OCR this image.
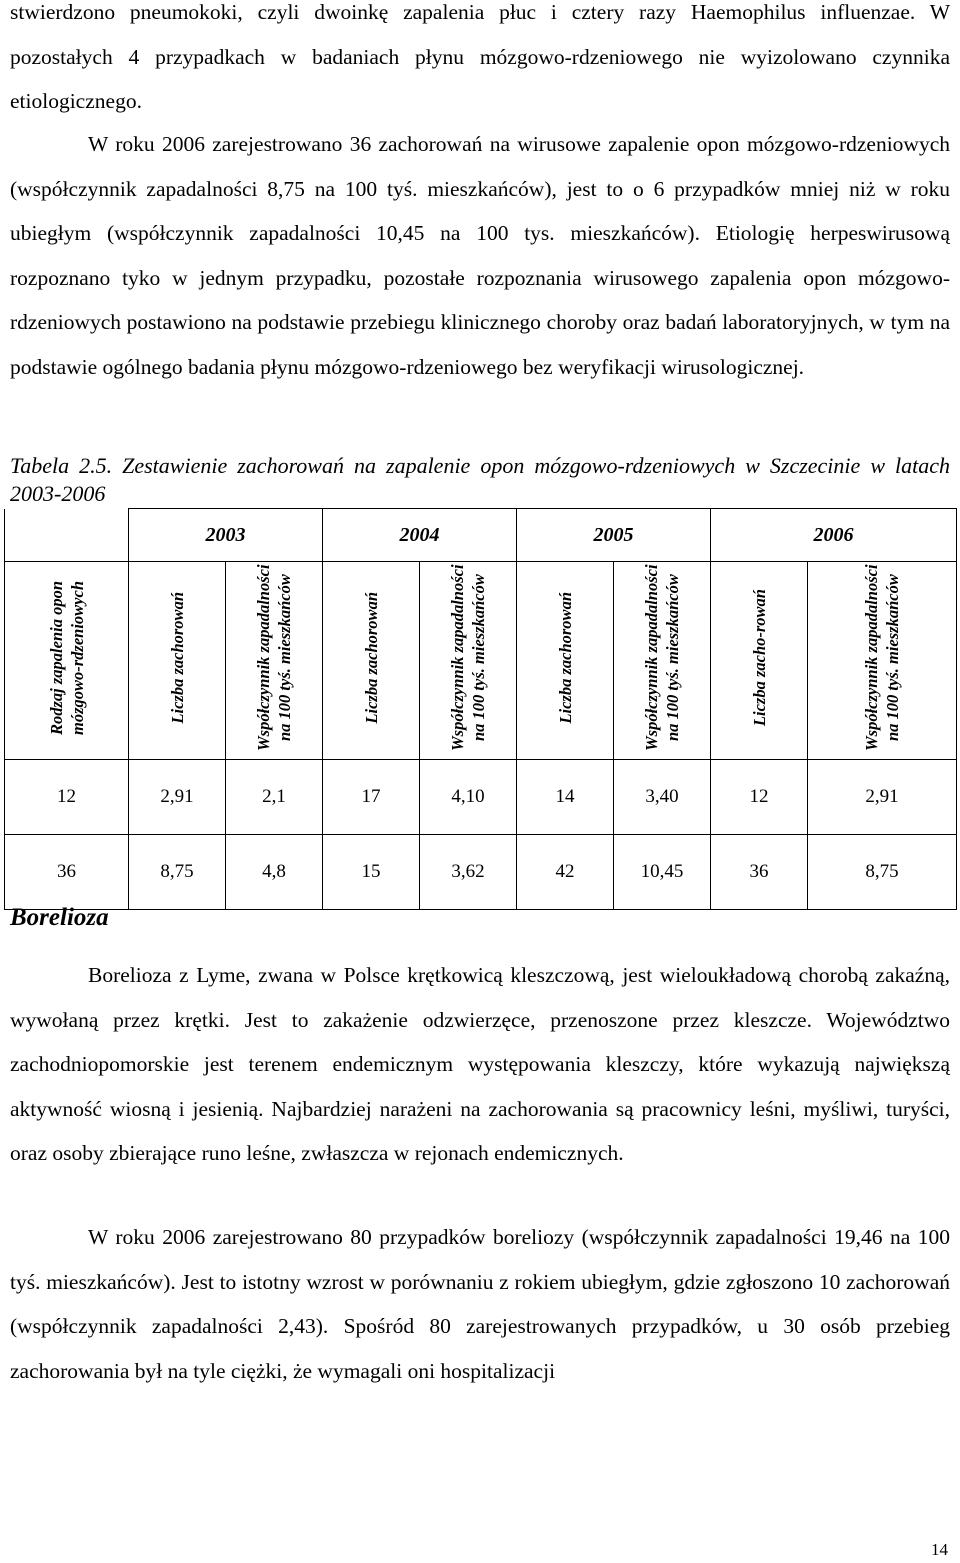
stwierdzono pneumokoki, czyli dwoinkę zapalenia płuc i cztery razy Haemophilus influenzae. W pozostałych 4 przypadkach w badaniach płynu mózgowo-rdzeniowego nie wyizolowano czynnika etiologicznego.

W roku 2006 zarejestrowano 36 zachorowań na wirusowe zapalenie opon mózgowo-rdzeniowych (współczynnik zapadalności 8,75 na 100 tyś. mieszkańców), jest to o 6 przypadków mniej niż w roku ubiegłym (współczynnik zapadalności 10,45 na 100 tys. mieszkańców). Etiologię herpeswirusową rozpoznano tyko w jednym przypadku, pozostałe rozpoznania wirusowego zapalenia opon mózgowo-rdzeniowych postawiono na podstawie przebiegu klinicznego choroby oraz badań laboratoryjnych, w tym na podstawie ogólnego badania płynu mózgowo-rdzeniowego bez weryfikacji wirusologicznej.

Tabela 2.5. Zestawienie zachorowań na zapalenie opon mózgowo-rdzeniowych w Szczecinie w latach 2003-2006
	2003		2004		2005		2006	
Rodzaj zapalenia opon mózgowo-rdzeniowych	Liczba zachorowań	Współczynnik zapadalności na 100 tyś. mieszkańców	Liczba zachorowań	Współczynnik zapadalności na 100 tyś. mieszkańców	Liczba zachorowań	Współczynnik zapadalności na 100 tyś. mieszkańców	Liczba zacho-rowań	Współczynnik zapadalności na 100 tyś. mieszkańców
12	2,91	2,1	17	4,10	14	3,40	12	2,91
36	8,75	4,8	15	3,62	42	10,45	36	8,75
Borelioza

Borelioza z Lyme, zwana w Polsce krętkowicą kleszczową, jest wieloukładową chorobą zakaźną, wywołaną przez krętki. Jest to zakażenie odzwierzęce, przenoszone przez kleszcze. Województwo zachodniopomorskie jest terenem endemicznym występowania kleszczy, które wykazują największą aktywność wiosną i jesienią. Najbardziej narażeni na zachorowania są pracownicy leśni, myśliwi, turyści, oraz osoby zbierające runo leśne, zwłaszcza w rejonach endemicznych.

W roku 2006 zarejestrowano 80 przypadków boreliozy (współczynnik zapadalności 19,46 na 100 tyś. mieszkańców). Jest to istotny wzrost w porównaniu z rokiem ubiegłym, gdzie zgłoszono 10 zachorowań (współczynnik zapadalności 2,43). Spośród 80 zarejestrowanych przypadków, u 30 osób przebieg zachorowania był na tyle ciężki, że wymagali oni hospitalizacji

14
